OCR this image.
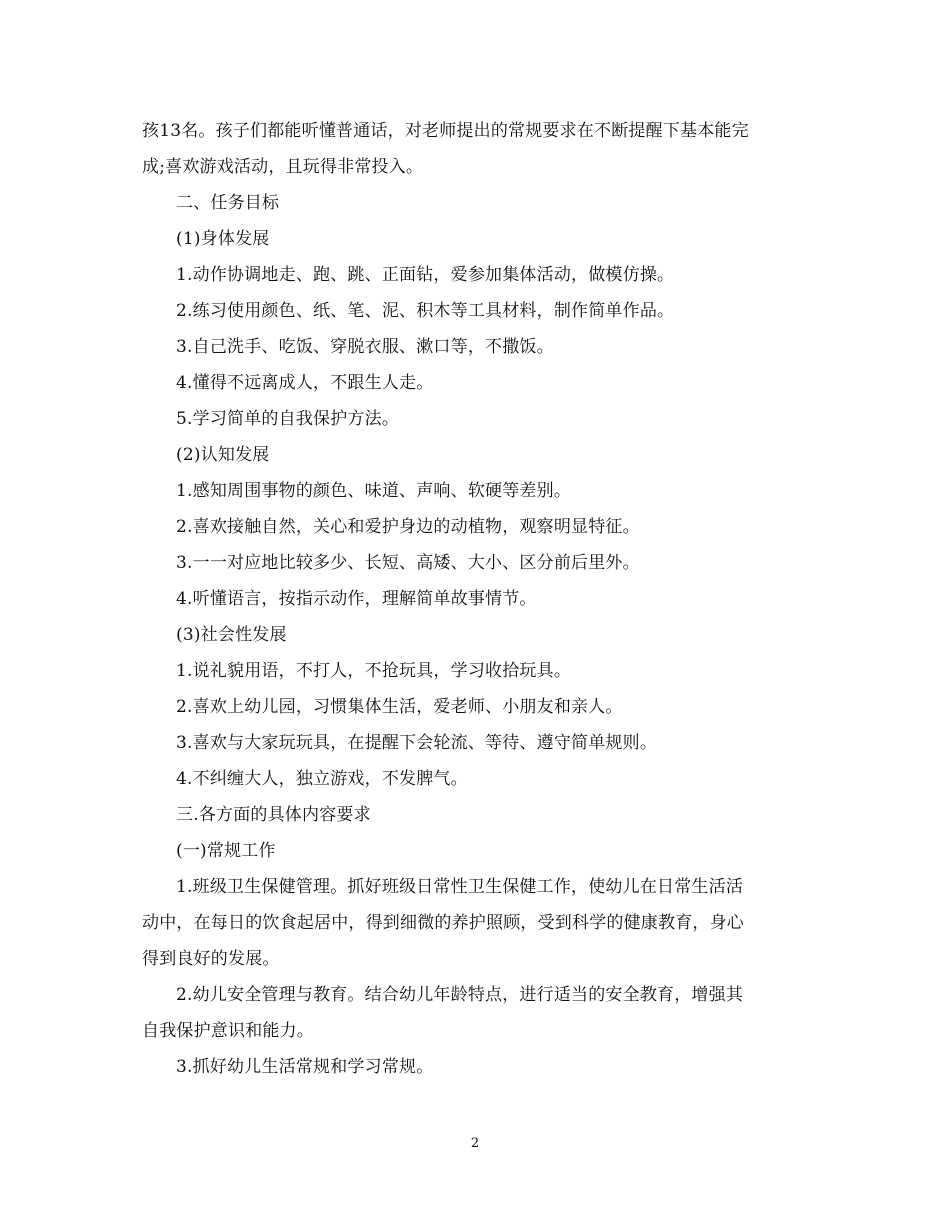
孩13名。孩子们都能听懂普通话，对老师提出的常规要求在不断提醒下基本能完
成;喜欢游戏活动，且玩得非常投入。
二、任务目标
(1)身体发展
1.动作协调地走、跑、跳、正面钻，爱参加集体活动，做模仿操。
2.练习使用颜色、纸、笔、泥、积木等工具材料，制作简单作品。
3.自己洗手、吃饭、穿脱衣服、漱口等，不撒饭。
4.懂得不远离成人，不跟生人走。
5.学习简单的自我保护方法。
(2)认知发展
1.感知周围事物的颜色、味道、声响、软硬等差别。
2.喜欢接触自然，关心和爱护身边的动植物，观察明显特征。
3.一一对应地比较多少、长短、高矮、大小、区分前后里外。
4.听懂语言，按指示动作，理解简单故事情节。
(3)社会性发展
1.说礼貌用语，不打人，不抢玩具，学习收拾玩具。
2.喜欢上幼儿园，习惯集体生活，爱老师、小朋友和亲人。
3.喜欢与大家玩玩具，在提醒下会轮流、等待、遵守简单规则。
4.不纠缠大人，独立游戏，不发脾气。
三.各方面的具体内容要求
(一)常规工作
1.班级卫生保健管理。抓好班级日常性卫生保健工作，使幼儿在日常生活活
动中，在每日的饮食起居中，得到细微的养护照顾，受到科学的健康教育，身心
得到良好的发展。
2.幼儿安全管理与教育。结合幼儿年龄特点，进行适当的安全教育，增强其
自我保护意识和能力。
3.抓好幼儿生活常规和学习常规。
2
